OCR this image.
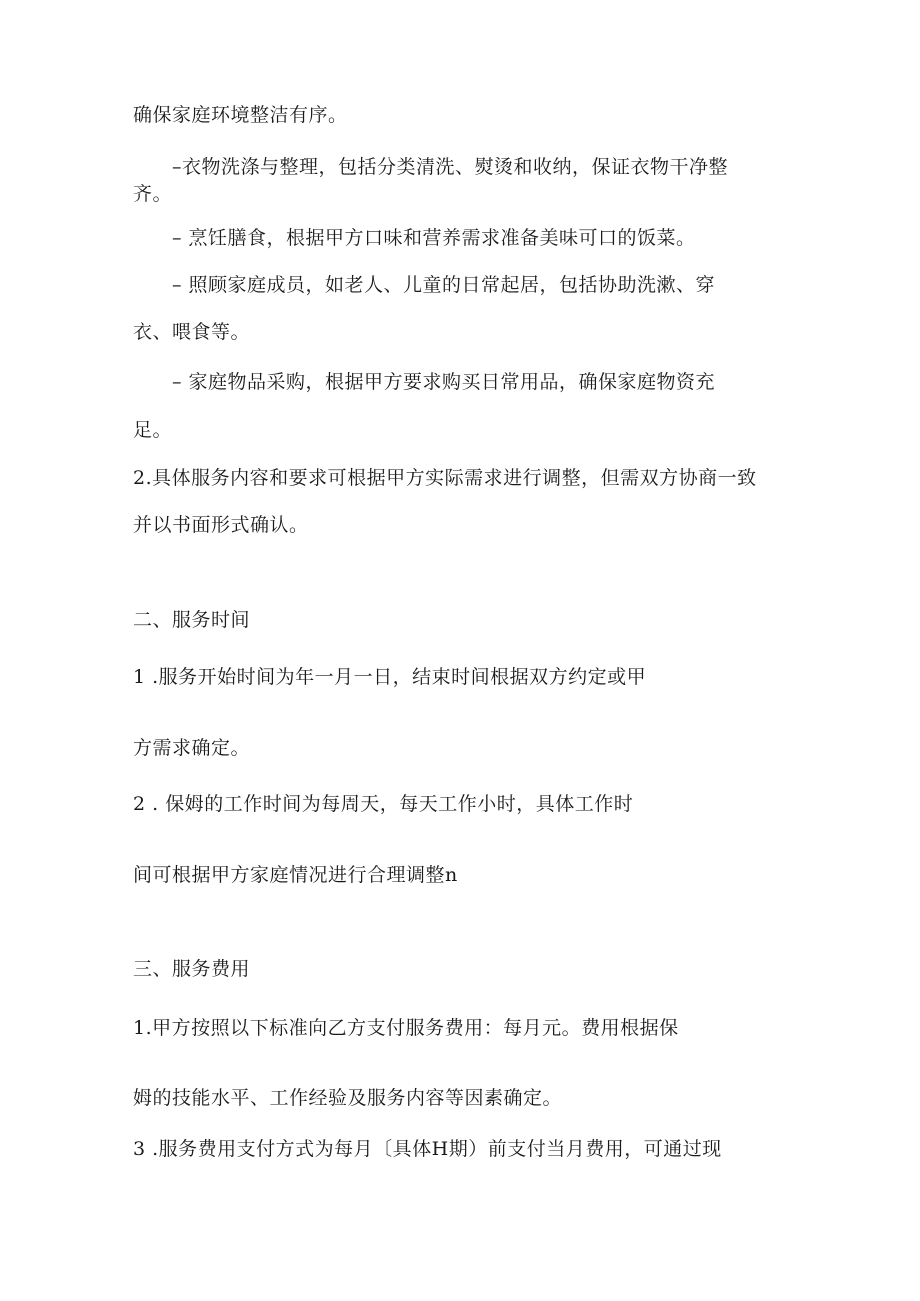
确保家庭环境整洁有序。
–衣物洗涤与整理，包括分类清洗、熨烫和收纳，保证衣物干净整
齐。
– 烹饪膳食，根据甲方口味和营养需求准备美味可口的饭菜。
– 照顾家庭成员，如老人、儿童的日常起居，包括协助洗漱、穿
衣、喂食等。
– 家庭物品采购，根据甲方要求购买日常用品，确保家庭物资充
足。
2.具体服务内容和要求可根据甲方实际需求进行调整，但需双方协商一致
并以书面形式确认。
二、服务时间
1 .服务开始时间为年一月一日，结束时间根据双方约定或甲
方需求确定。
2 . 保姆的工作时间为每周天，每天工作小时，具体工作时
间可根据甲方家庭情况进行合理调整n
三、服务费用
1.甲方按照以下标准向乙方支付服务费用：每月元。费用根据保
姆的技能水平、工作经验及服务内容等因素确定。
3 .服务费用支付方式为每月〔具体H期）前支付当月费用，可通过现
